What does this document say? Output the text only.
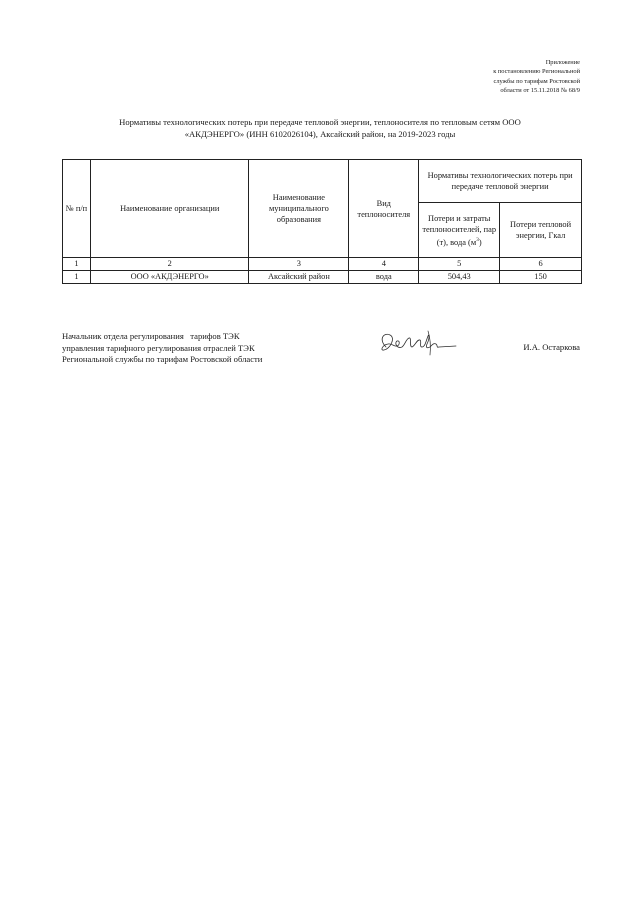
Приложение
к постановлению Региональной
службы по тарифам Ростовской
области от 15.11.2018 № 68/9
Нормативы технологических потерь при передаче тепловой энергии, теплоносителя по тепловым сетям ООО
«АКДЭНЕРГО» (ИНН 6102026104), Аксайский район, на 2019-2023 годы
№ п/п	Наименование организации	Наименование муниципального образования	Вид теплоносителя	Нормативы технологических потерь при передаче тепловой энергии	
				Потери и затраты теплоносителей, пар (т), вода $(м^3)$	Потери тепловой энергии, Гкал
1	2	3	4	5	6
1	ООО «АКДЭНЕРГО»	Аксайский район	вода	504,43	150
Начальник отдела регулирования   тарифов ТЭК
управления тарифного регулирования отраслей ТЭК
Региональной службы по тарифам Ростовской области
И.А. Остаркова
